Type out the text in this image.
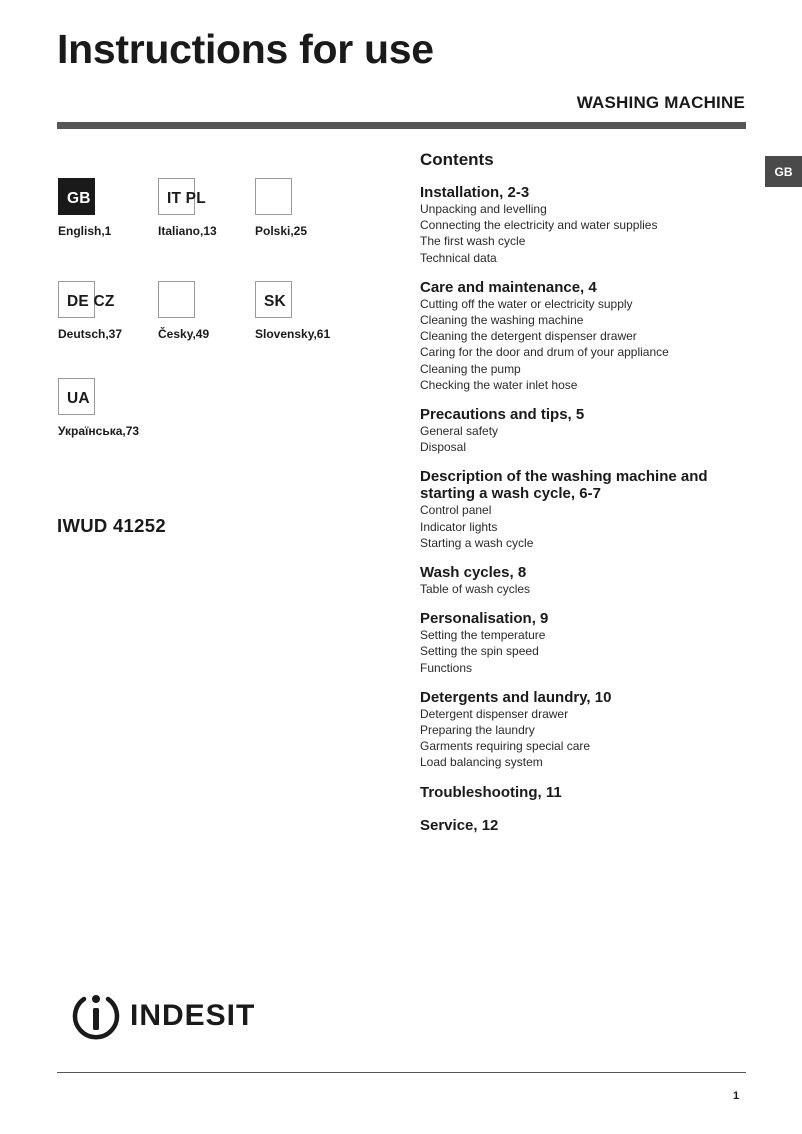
Instructions for use
WASHING MACHINE
GB
GB
English,1
IT PL
Italiano,13	Polski,25
DE CZ
Deutsch,37	Česky,49
SK
Slovensky,61
UA
Українська,73
IWUD 41252
Contents
Installation, 2-3
Unpacking and levelling
Connecting the electricity and water supplies
The first wash cycle
Technical data
Care and maintenance, 4
Cutting off the water or electricity supply
Cleaning the washing machine
Cleaning the detergent dispenser drawer
Caring for the door and drum of your appliance
Cleaning the pump
Checking the water inlet hose
Precautions and tips, 5
General safety
Disposal
Description of the washing machine and starting a wash cycle, 6-7
Control panel
Indicator lights
Starting a wash cycle
Wash cycles, 8
Table of wash cycles
Personalisation, 9
Setting the temperature
Setting the spin speed
Functions
Detergents and laundry, 10
Detergent dispenser drawer
Preparing the laundry
Garments requiring special care
Load balancing system
Troubleshooting, 11
Service, 12
INDESIT
1
